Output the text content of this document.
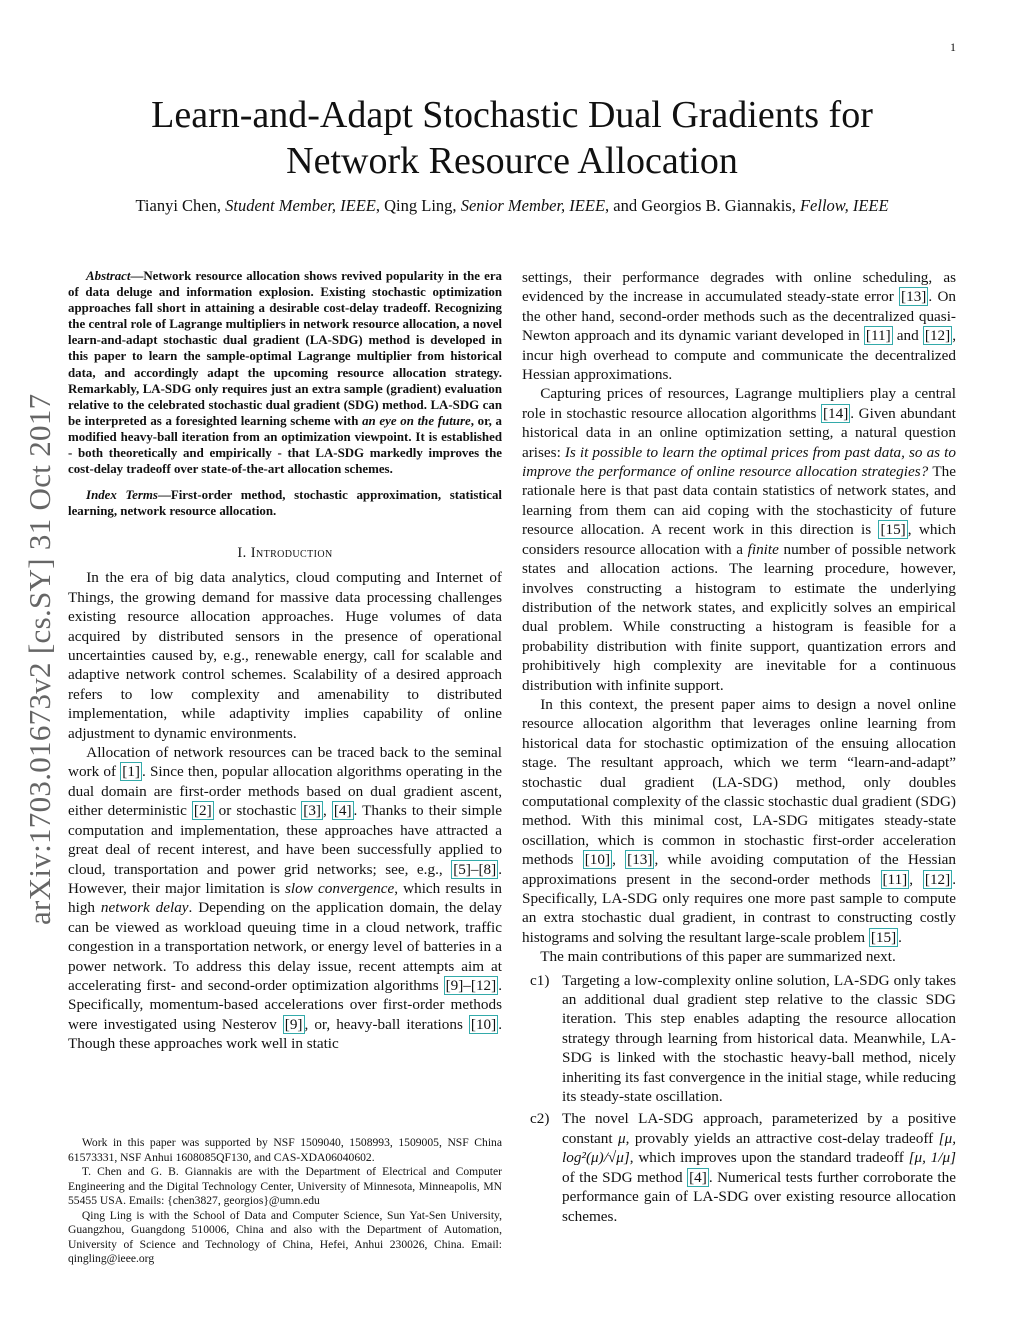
1
arXiv:1703.01673v2 [cs.SY] 31 Oct 2017
Learn-and-Adapt Stochastic Dual Gradients for
Network Resource Allocation
Tianyi Chen, Student Member, IEEE, Qing Ling, Senior Member, IEEE, and Georgios B. Giannakis, Fellow, IEEE

Abstract—Network resource allocation shows revived popularity in the era of data deluge and information explosion. Existing stochastic optimization approaches fall short in attaining a desirable cost-delay tradeoff. Recognizing the central role of Lagrange multipliers in network resource allocation, a novel learn-and-adapt stochastic dual gradient (LA-SDG) method is developed in this paper to learn the sample-optimal Lagrange multiplier from historical data, and accordingly adapt the upcoming resource allocation strategy. Remarkably, LA-SDG only requires just an extra sample (gradient) evaluation relative to the celebrated stochastic dual gradient (SDG) method. LA-SDG can be interpreted as a foresighted learning scheme with an eye on the future, or, a modified heavy-ball iteration from an optimization viewpoint. It is established - both theoretically and empirically - that LA-SDG markedly improves the cost-delay tradeoff over state-of-the-art allocation schemes.

Index Terms—First-order method, stochastic approximation, statistical learning, network resource allocation.

I. Introduction

In the era of big data analytics, cloud computing and Internet of Things, the growing demand for massive data processing challenges existing resource allocation approaches. Huge volumes of data acquired by distributed sensors in the presence of operational uncertainties caused by, e.g., renewable energy, call for scalable and adaptive network control schemes. Scalability of a desired approach refers to low complexity and amenability to distributed implementation, while adaptivity implies capability of online adjustment to dynamic environments.

Allocation of network resources can be traced back to the seminal work of [1] . Since then, popular allocation algorithms operating in the dual domain are first-order methods based on dual gradient ascent, either deterministic [2] or stochastic [3] , [4] . Thanks to their simple computation and implementation, these approaches have attracted a great deal of recent interest, and have been successfully applied to cloud, transportation and power grid networks; see, e.g., [5]–[8] . However, their major limitation is slow convergence, which results in high network delay. Depending on the application domain, the delay can be viewed as workload queuing time in a cloud network, traffic congestion in a transportation network, or energy level of batteries in a power network. To address this delay issue, recent attempts aim at accelerating first- and second-order optimization algorithms [9]–[12] . Specifically, momentum-based accelerations over first-order methods were investigated using Nesterov [9] , or, heavy-ball iterations [10] . Though these approaches work well in static

Work in this paper was supported by NSF 1509040, 1508993, 1509005, NSF China 61573331, NSF Anhui 1608085QF130, and CAS-XDA06040602.

T. Chen and G. B. Giannakis are with the Department of Electrical and Computer Engineering and the Digital Technology Center, University of Minnesota, Minneapolis, MN 55455 USA. Emails: {chen3827, georgios}@umn.edu

Qing Ling is with the School of Data and Computer Science, Sun Yat-Sen University, Guangzhou, Guangdong 510006, China and also with the Department of Automation, University of Science and Technology of China, Hefei, Anhui 230026, China. Email: qingling@ieee.org

settings, their performance degrades with online scheduling, as evidenced by the increase in accumulated steady-state error [13] . On the other hand, second-order methods such as the decentralized quasi-Newton approach and its dynamic variant developed in [11] and [12] , incur high overhead to compute and communicate the decentralized Hessian approximations.

Capturing prices of resources, Lagrange multipliers play a central role in stochastic resource allocation algorithms [14] . Given abundant historical data in an online optimization setting, a natural question arises: Is it possible to learn the optimal prices from past data, so as to improve the performance of online resource allocation strategies? The rationale here is that past data contain statistics of network states, and learning from them can aid coping with the stochasticity of future resource allocation. A recent work in this direction is [15] , which considers resource allocation with a finite number of possible network states and allocation actions. The learning procedure, however, involves constructing a histogram to estimate the underlying distribution of the network states, and explicitly solves an empirical dual problem. While constructing a histogram is feasible for a probability distribution with finite support, quantization errors and prohibitively high complexity are inevitable for a continuous distribution with infinite support.

In this context, the present paper aims to design a novel online resource allocation algorithm that leverages online learning from historical data for stochastic optimization of the ensuing allocation stage. The resultant approach, which we term “learn-and-adapt” stochastic dual gradient (LA-SDG) method, only doubles computational complexity of the classic stochastic dual gradient (SDG) method. With this minimal cost, LA-SDG mitigates steady-state oscillation, which is common in stochastic first-order acceleration methods [10] , [13] , while avoiding computation of the Hessian approximations present in the second-order methods [11] , [12] . Specifically, LA-SDG only requires one more past sample to compute an extra stochastic dual gradient, in contrast to constructing costly histograms and solving the resultant large-scale problem [15] .

The main contributions of this paper are summarized next.

c1) Targeting a low-complexity online solution, LA-SDG only takes an additional dual gradient step relative to the classic SDG iteration. This step enables adapting the resource allocation strategy through learning from historical data. Meanwhile, LA-SDG is linked with the stochastic heavy-ball method, nicely inheriting its fast convergence in the initial stage, while reducing its steady-state oscillation.
c2) The novel LA-SDG approach, parameterized by a positive constant μ, provably yields an attractive cost-delay tradeoff [μ, log²(μ)/√μ], which improves upon the standard tradeoff [μ, 1/μ] of the SDG method [4] . Numerical tests further corroborate the performance gain of LA-SDG over existing resource allocation schemes.
